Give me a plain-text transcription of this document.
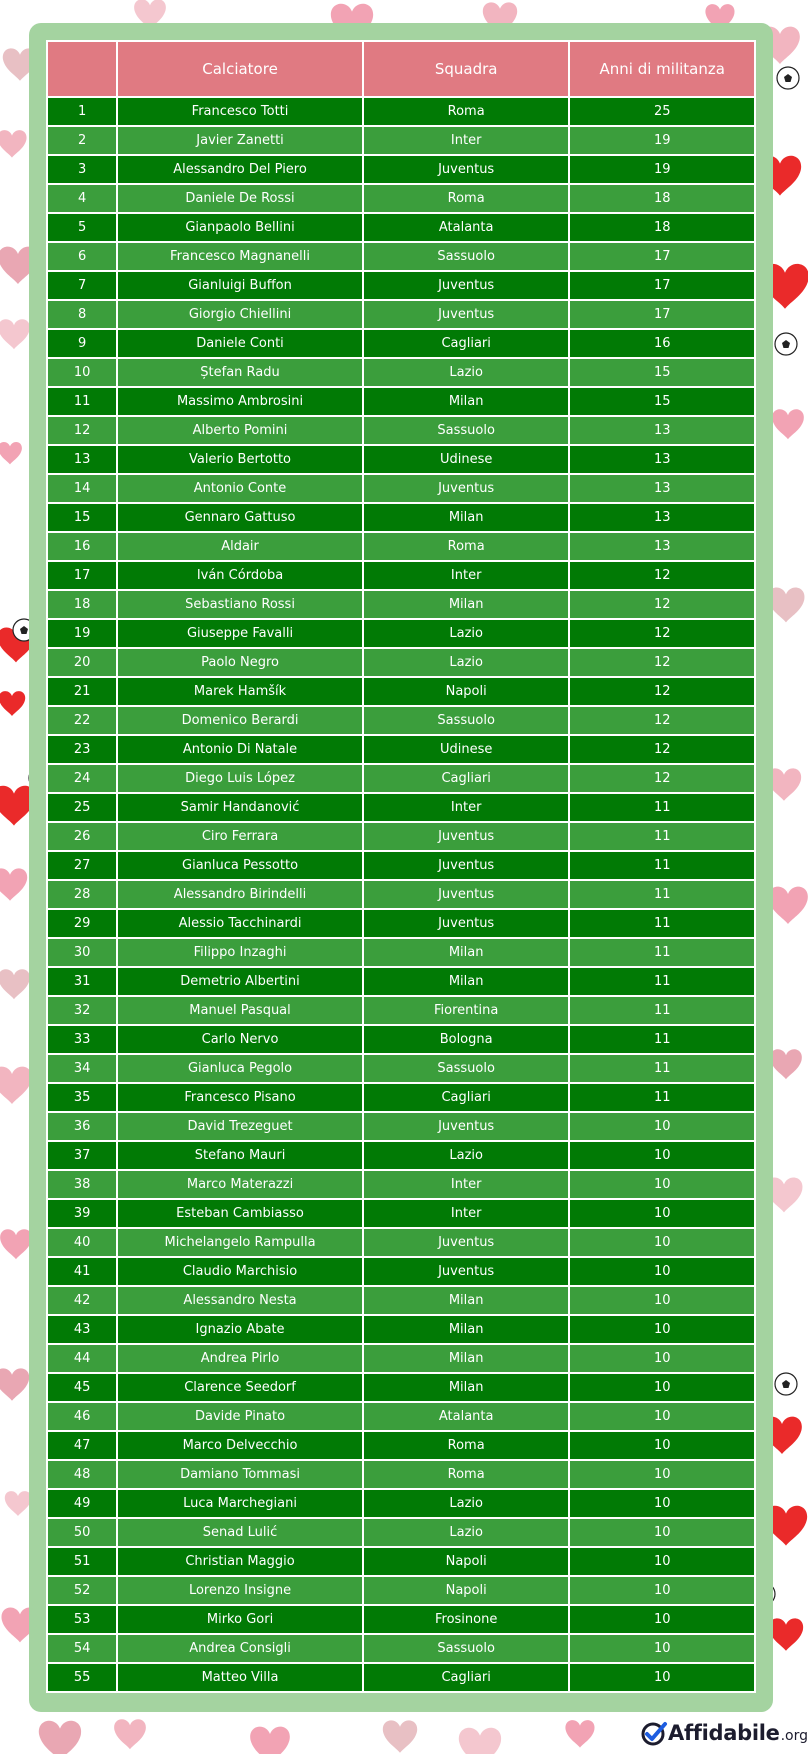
	Calciatore	Squadra	Anni di militanza
1	Francesco Totti	Roma	25
2	Javier Zanetti	Inter	19
3	Alessandro Del Piero	Juventus	19
4	Daniele De Rossi	Roma	18
5	Gianpaolo Bellini	Atalanta	18
6	Francesco Magnanelli	Sassuolo	17
7	Gianluigi Buffon	Juventus	17
8	Giorgio Chiellini	Juventus	17
9	Daniele Conti	Cagliari	16
10	Ștefan Radu	Lazio	15
11	Massimo Ambrosini	Milan	15
12	Alberto Pomini	Sassuolo	13
13	Valerio Bertotto	Udinese	13
14	Antonio Conte	Juventus	13
15	Gennaro Gattuso	Milan	13
16	Aldair	Roma	13
17	Iván Córdoba	Inter	12
18	Sebastiano Rossi	Milan	12
19	Giuseppe Favalli	Lazio	12
20	Paolo Negro	Lazio	12
21	Marek Hamšík	Napoli	12
22	Domenico Berardi	Sassuolo	12
23	Antonio Di Natale	Udinese	12
24	Diego Luis López	Cagliari	12
25	Samir Handanović	Inter	11
26	Ciro Ferrara	Juventus	11
27	Gianluca Pessotto	Juventus	11
28	Alessandro Birindelli	Juventus	11
29	Alessio Tacchinardi	Juventus	11
30	Filippo Inzaghi	Milan	11
31	Demetrio Albertini	Milan	11
32	Manuel Pasqual	Fiorentina	11
33	Carlo Nervo	Bologna	11
34	Gianluca Pegolo	Sassuolo	11
35	Francesco Pisano	Cagliari	11
36	David Trezeguet	Juventus	10
37	Stefano Mauri	Lazio	10
38	Marco Materazzi	Inter	10
39	Esteban Cambiasso	Inter	10
40	Michelangelo Rampulla	Juventus	10
41	Claudio Marchisio	Juventus	10
42	Alessandro Nesta	Milan	10
43	Ignazio Abate	Milan	10
44	Andrea Pirlo	Milan	10
45	Clarence Seedorf	Milan	10
46	Davide Pinato	Atalanta	10
47	Marco Delvecchio	Roma	10
48	Damiano Tommasi	Roma	10
49	Luca Marchegiani	Lazio	10
50	Senad Lulić	Lazio	10
51	Christian Maggio	Napoli	10
52	Lorenzo Insigne	Napoli	10
53	Mirko Gori	Frosinone	10
54	Andrea Consigli	Sassuolo	10
55	Matteo Villa	Cagliari	10
Affidabile .org
